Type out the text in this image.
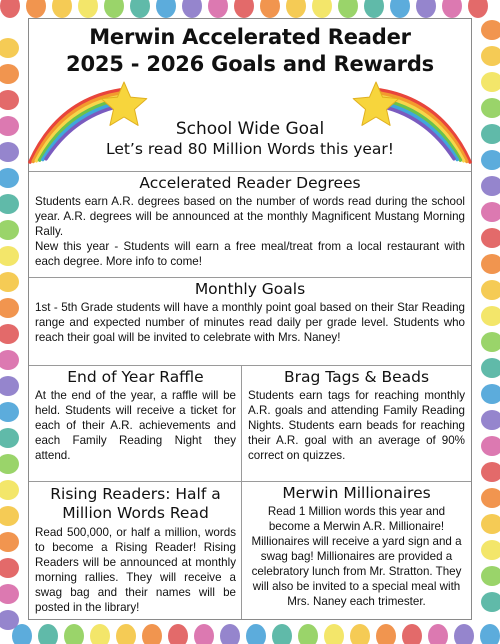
Merwin Accelerated Reader
2025 - 2026 Goals and Rewards
School Wide Goal
Let’s read 80 Million Words this year!
Accelerated Reader Degrees

Students earn A.R. degrees based on the number of words read during the school year. A.R. degrees will be announced at the monthly Magnificent Mustang Morning Rally.

New this year - Students will earn a free meal/treat from a local restaurant with each degree. More info to come!

Monthly Goals

1st - 5th Grade students will have a monthly point goal based on their Star Reading range and expected number of minutes read daily per grade level. Students who reach their goal will be invited to celebrate with Mrs. Naney!

End of Year Raffle

At the end of the year, a raffle will be held. Students will receive a ticket for each of their A.R. achievements and each Family Reading Night they attend.

Brag Tags & Beads

Students earn tags for reaching monthly A.R. goals and attending Family Reading Nights. Students earn beads for reaching their A.R. goal with an average of 90% correct on quizzes.

Rising Readers: Half a Million Words Read

Read 500,000, or half a million, words to become a Rising Reader! Rising Readers will be announced at monthly morning rallies. They will receive a swag bag and their names will be posted in the library!

Merwin Millionaires

Read 1 Million words this year and become a Merwin A.R. Millionaire! Millionaires will receive a yard sign and a swag bag! Millionaires are provided a celebratory lunch from Mr. Stratton. They will also be invited to a special meal with Mrs. Naney each trimester.
